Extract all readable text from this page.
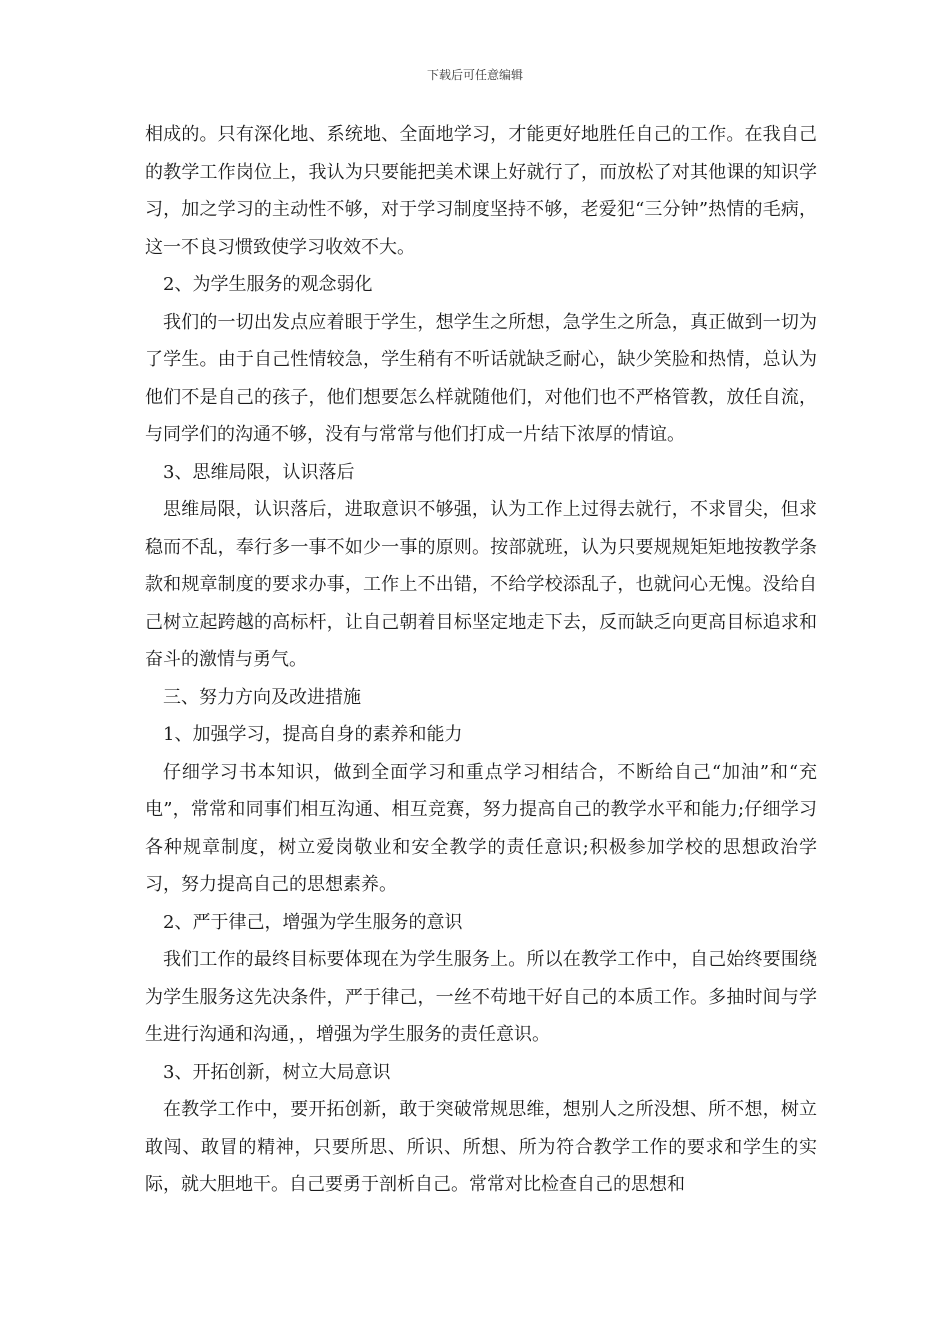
下载后可任意编辑

相成的。只有深化地、系统地、全面地学习，才能更好地胜任自己的工作。在我自己的教学工作岗位上，我认为只要能把美术课上好就行了，而放松了对其他课的知识学习，加之学习的主动性不够，对于学习制度坚持不够，老爱犯“三分钟”热情的毛病，这一不良习惯致使学习收效不大。

2、为学生服务的观念弱化

我们的一切出发点应着眼于学生，想学生之所想，急学生之所急，真正做到一切为了学生。由于自己性情较急，学生稍有不听话就缺乏耐心，缺少笑脸和热情，总认为他们不是自己的孩子，他们想要怎么样就随他们，对他们也不严格管教，放任自流，与同学们的沟通不够，没有与常常与他们打成一片结下浓厚的情谊。

3、思维局限，认识落后

思维局限，认识落后，进取意识不够强，认为工作上过得去就行，不求冒尖，但求稳而不乱，奉行多一事不如少一事的原则。按部就班，认为只要规规矩矩地按教学条款和规章制度的要求办事，工作上不出错，不给学校添乱子，也就问心无愧。没给自己树立起跨越的高标杆，让自己朝着目标坚定地走下去，反而缺乏向更高目标追求和奋斗的激情与勇气。

三、努力方向及改进措施

1、加强学习，提高自身的素养和能力

仔细学习书本知识，做到全面学习和重点学习相结合，不断给自己“加油”和“充电”，常常和同事们相互沟通、相互竞赛，努力提高自己的教学水平和能力;仔细学习各种规章制度，树立爱岗敬业和安全教学的责任意识;积极参加学校的思想政治学习，努力提高自己的思想素养。

2、严于律己，增强为学生服务的意识

我们工作的最终目标要体现在为学生服务上。所以在教学工作中，自己始终要围绕为学生服务这先决条件，严于律己，一丝不苟地干好自己的本质工作。多抽时间与学生进行沟通和沟通，，增强为学生服务的责任意识。

3、开拓创新，树立大局意识

在教学工作中，要开拓创新，敢于突破常规思维，想别人之所没想、所不想，树立敢闯、敢冒的精神，只要所思、所识、所想、所为符合教学工作的要求和学生的实际，就大胆地干。自己要勇于剖析自己。常常对比检查自己的思想和
